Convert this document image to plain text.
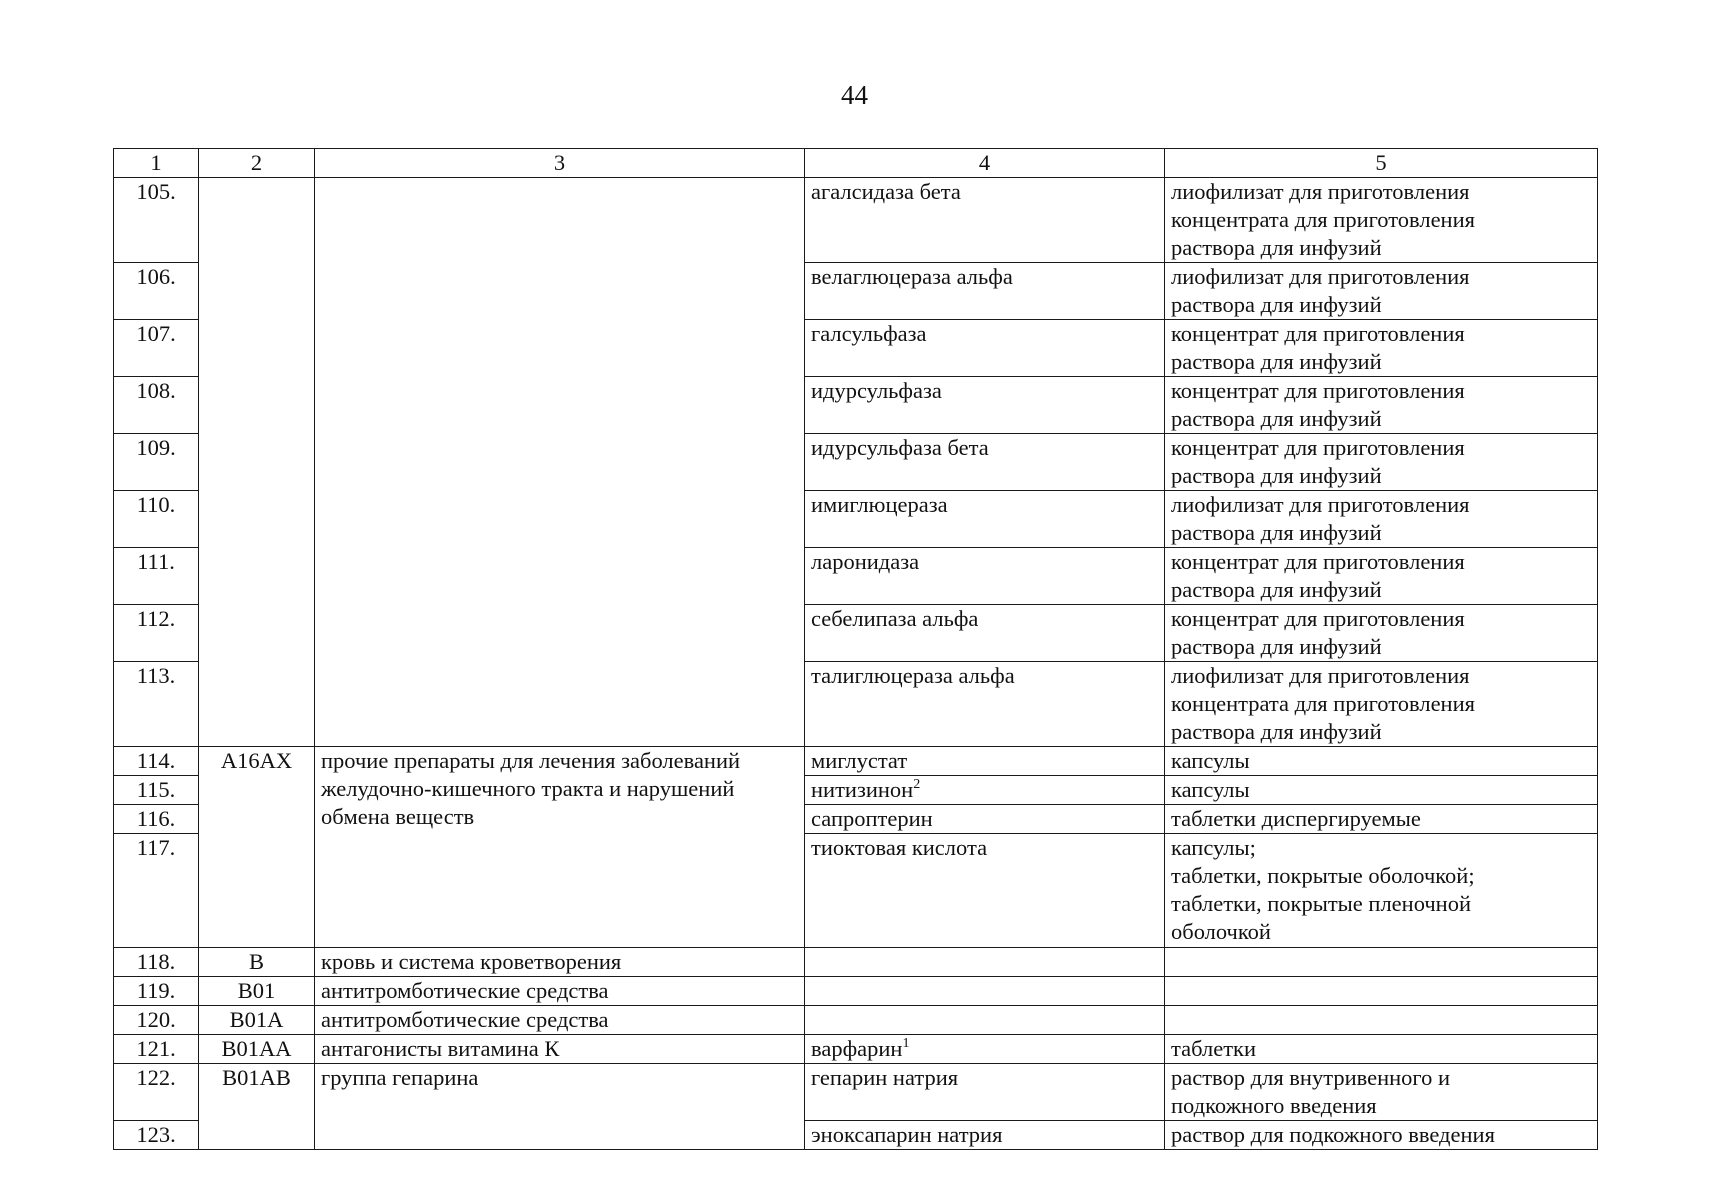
44
1	2	3	4	5
105.			агалсидаза бета	лиофилизат для приготовления
концентрата для приготовления
раствора для инфузий

106.			велаглюцераза альфа	лиофилизат для приготовления
раствора для инфузий

107.			галсульфаза	концентрат для приготовления
раствора для инфузий

108.			идурсульфаза	концентрат для приготовления
раствора для инфузий

109.			идурсульфаза бета	концентрат для приготовления
раствора для инфузий

110.			имиглюцераза	лиофилизат для приготовления
раствора для инфузий

111.			ларонидаза	концентрат для приготовления
раствора для инфузий

112.			себелипаза альфа	концентрат для приготовления
раствора для инфузий

113.			талиглюцераза альфа	лиофилизат для приготовления
концентрата для приготовления
раствора для инфузий

114.	A16AX	прочие препараты для лечения заболеваний желудочно-кишечного тракта и нарушений обмена веществ	миглустат	капсулы

115.			нитизинон$^2$	капсулы

116.			сапроптерин	таблетки диспергируемые

117.			тиоктовая кислота	капсулы;
таблетки, покрытые оболочкой;
таблетки, покрытые пленочной
оболочкой

118.	B	кровь и система кроветворения		
119.	B01	антитромботические средства		
120.	B01A	антитромботические средства		
121.	B01AA	антагонисты витамина К	варфарин$^1$	таблетки

122.	B01AB	группа гепарина	гепарин натрия	раствор для внутривенного и
подкожного введения

123.			эноксапарин натрия	раствор для подкожного введения
